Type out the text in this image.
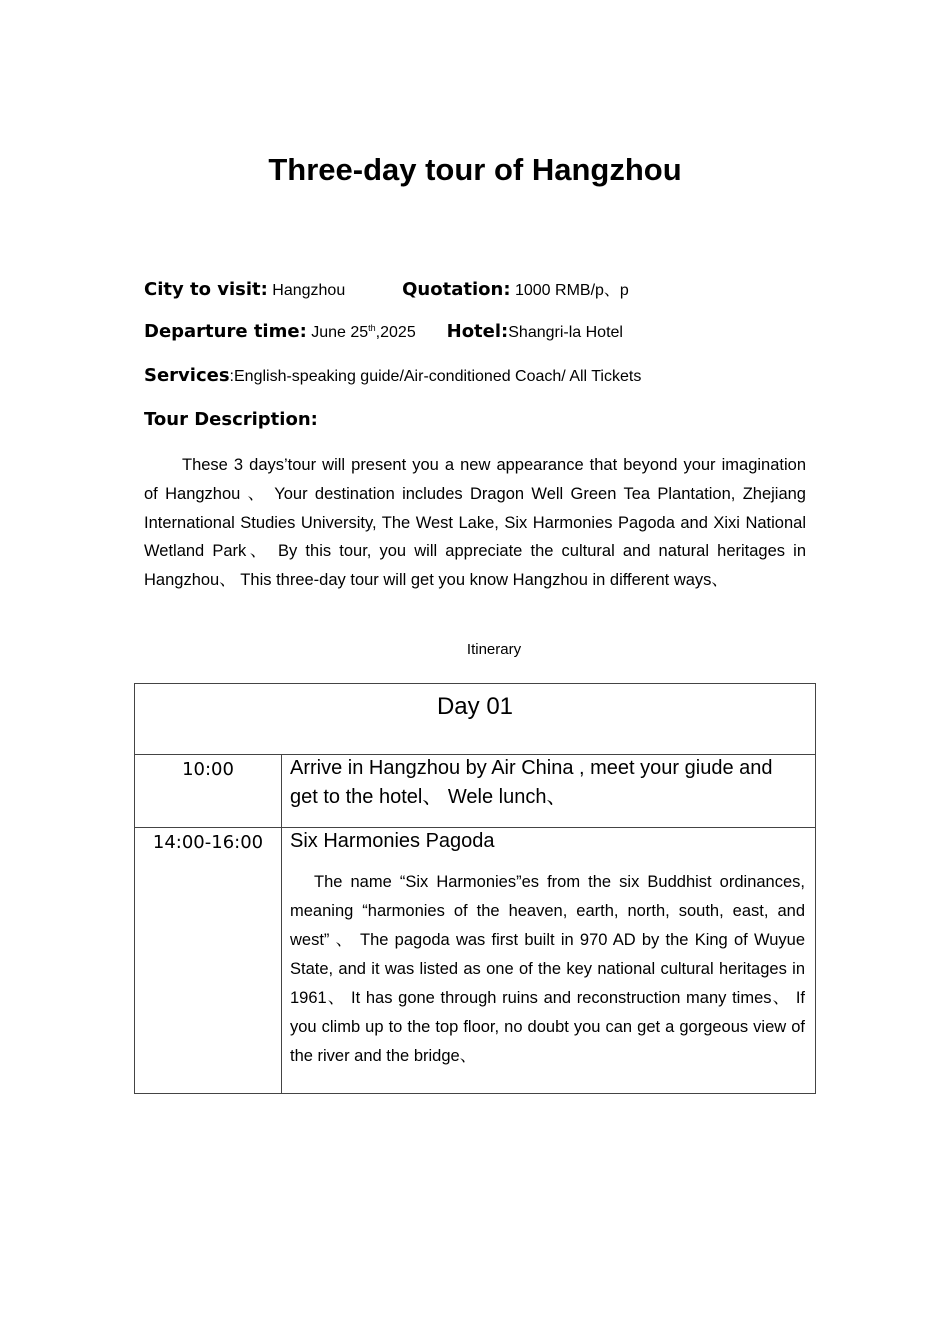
Three-day tour of Hangzhou
City to visit: Hangzhou	Quotation: 1000 RMB/p、p
Departure time: June 25th,2025 Hotel:Shangri-la Hotel
Services:English-speaking guide/Air-conditioned Coach/ All Tickets
Tour Description:

These 3 days’tour will present you a new appearance that beyond your imagination of Hangzhou 、 Your destination includes Dragon Well Green Tea Plantation, Zhejiang International Studies University, The West Lake, Six Harmonies Pagoda and Xixi National Wetland Park、 By this tour, you will appreciate the cultural and natural heritages in Hangzhou、 This three-day tour will get you know Hangzhou in different ways、

Itinerary
Day 01	
10:00	Arrive in Hangzhou by Air China , meet your giude and get to the hotel、 Wele lunch、

14:00-16:00	Six Harmonies Pagoda

The name “Six Harmonies”es from the six Buddhist ordinances, meaning “harmonies of the heaven, earth, north, south, east, and west” 、 The pagoda was first built in 970 AD by the King of Wuyue State, and it was listed as one of the key national cultural heritages in 1961、 It has gone through ruins and reconstruction many times、 If you climb up to the top floor, no doubt you can get a gorgeous view of the river and the bridge、
